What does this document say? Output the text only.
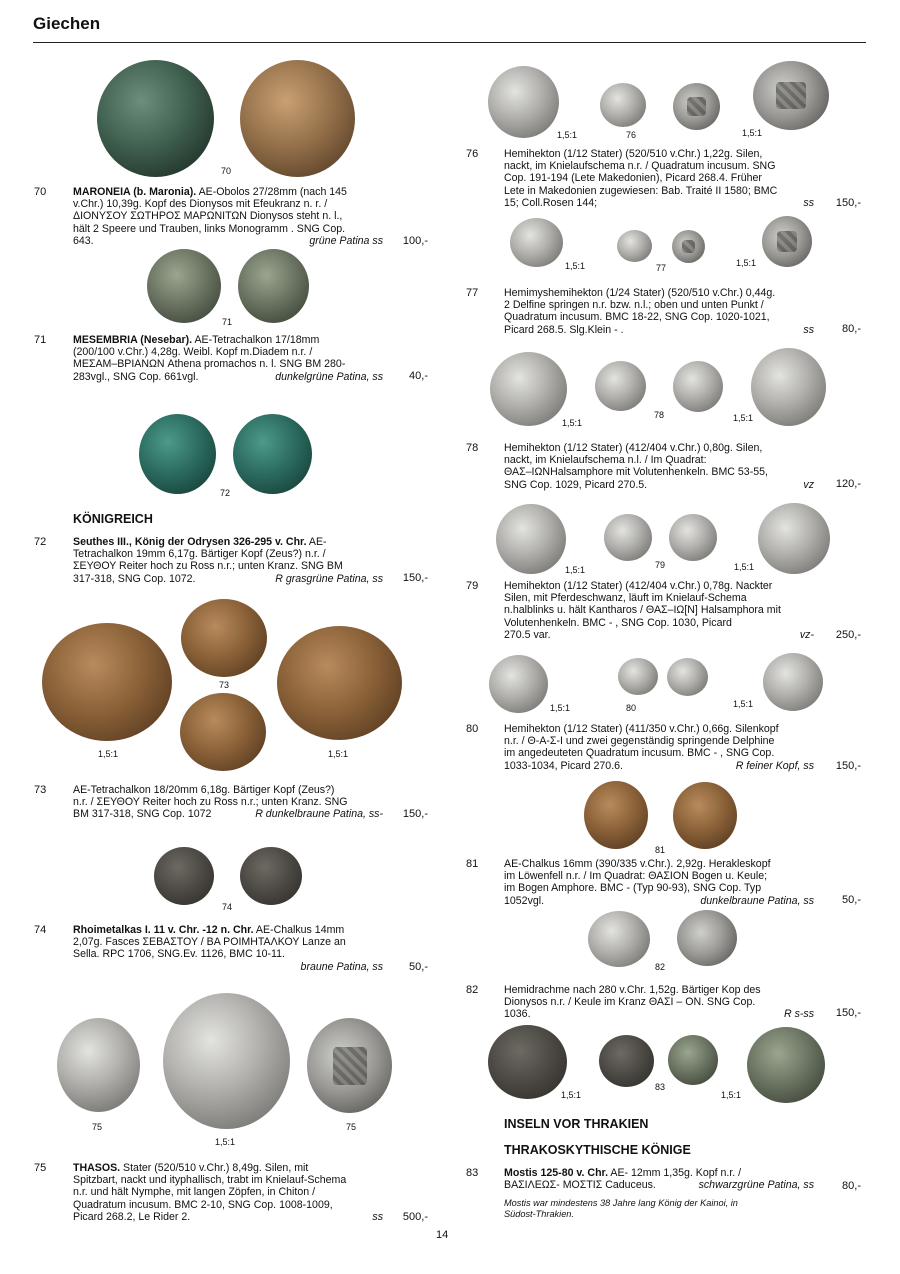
Giechen
70
70	MARONEIA (b. Maronia). AE-Obolos 27/28mm (nach 145
v.Chr.) 10,39g. Kopf des Dionysos mit Efeukranz n. r. /
ΔΙΟΝΥΣΟΥ ΣΩΤΗΡΟΣ ΜΑΡΩΝΙΤΩΝ Dionysos steht n. l.,
hält 2 Speere und Trauben, links Monogramm . SNG Cop.
643.	grüne Patina ss	100,-
71
71	MESEMBRIA (Nesebar). AE-Tetrachalkon 17/18mm
(200/100 v.Chr.) 4,28g. Weibl. Kopf m.Diadem n.r. /
ΜΕΣΑΜ–ΒΡΙΑΝΩΝ Athena promachos n. l. SNG BM 280-
283vgl., SNG Cop. 661vgl.	dunkelgrüne Patina, ss	40,-
72
KÖNIGREICH
72	Seuthes III., König der Odrysen 326-295 v. Chr. AE-
Tetrachalkon 19mm 6,17g. Bärtiger Kopf (Zeus?) n.r. /
ΣΕΥΘΟΥ Reiter hoch zu Ross n.r.; unten Kranz. SNG BM
317-318, SNG Cop. 1072.	R grasgrüne Patina, ss	150,-
73
1,5:1	1,5:1
73	AE-Tetrachalkon 18/20mm 6,18g. Bärtiger Kopf (Zeus?)
n.r. / ΣΕΥΘΟΥ Reiter hoch zu Ross n.r.; unten Kranz. SNG
BM 317-318, SNG Cop. 1072	R dunkelbraune Patina, ss-	150,-
74
74	Rhoimetalkas I. 11 v. Chr. -12 n. Chr. AE-Chalkus 14mm
2,07g. Fasces ΣΕΒΑΣΤΟΥ / ΒΑ ΡΟΙΜΗΤΑΛΚΟΥ Lanze an
Sella. RPC 1706, SNG.Ev. 1126, BMC 10-11.
braune Patina, ss	50,-
75	75
1,5:1
75	THASOS. Stater (520/510 v.Chr.) 8,49g. Silen, mit
Spitzbart, nackt und ityphallisch, trabt im Knielauf-Schema
n.r. und hält Nymphe, mit langen Zöpfen, in Chiton /
Quadratum incusum. BMC 2-10, SNG Cop. 1008-1009,
Picard 268.2, Le Rider 2.	ss	500,-
1,5:1	76	1,5:1
76 Hemihekton (1/12 Stater) (520/510 v.Chr.) 1,22g. Silen,
nackt, im Knielaufschema n.r. / Quadratum incusum. SNG
Cop. 191-194 (Lete Makedonien), Picard 268.4. Früher
Lete in Makedonien zugewiesen: Bab. Traité II 1580; BMC
15; Coll.Rosen 144;	ss	150,-
1,5:1	77	1,5:1
77 Hemimyshemihekton (1/24 Stater) (520/510 v.Chr.) 0,44g.
2 Delfine springen n.r. bzw. n.l.; oben und unten Punkt /
Quadratum incusum. BMC 18-22, SNG Cop. 1020-1021,
Picard 268.5. Slg.Klein - .	ss	80,-
1,5:1
78	1,5:1
78 Hemihekton (1/12 Stater) (412/404 v.Chr.) 0,80g. Silen,
nackt, im Knielaufschema n.l. / Im Quadrat:
ΘΑΣ–ΙΩΝHalsamphore mit Volutenhenkeln. BMC 53-55,
SNG Cop. 1029, Picard 270.5.	vz	120,-
1,5:1	79	1,5:1
79 Hemihekton (1/12 Stater) (412/404 v.Chr.) 0,78g. Nackter
Silen, mit Pferdeschwanz, läuft im Knielauf-Schema
n.halblinks u. hält Kantharos / ΘΑΣ–ΙΩ[N] Halsamphora mit
Volutenhenkeln. BMC - , SNG Cop. 1030, Picard
270.5 var.	vz-	250,-
1,5:1	80	1,5:1
80 Hemihekton (1/12 Stater) (411/350 v.Chr.) 0,66g. Silenkopf
n.r. / Θ-Α-Σ-Ι und zwei gegenständig springende Delphine
im angedeuteten Quadratum incusum. BMC - , SNG Cop.
1033-1034, Picard 270.6.	R feiner Kopf, ss	150,-
81
81 AE-Chalkus 16mm (390/335 v.Chr.). 2,92g. Herakleskopf
im Löwenfell n.r. / Im Quadrat: ΘΑΣΙΟΝ Bogen u. Keule;
im Bogen Amphore. BMC - (Typ 90-93), SNG Cop. Typ
1052vgl.	dunkelbraune Patina, ss	50,-
82
82 Hemidrachme nach 280 v.Chr. 1,52g. Bärtiger Kop des
Dionysos n.r. / Keule im Kranz ΘΑΣΙ – ΟΝ. SNG Cop.
1036.	R s-ss	150,-
1,5:1
83
1,5:1
INSELN VOR THRAKIEN
THRAKOSKYTHISCHE KÖNIGE
83 Mostis 125-80 v. Chr. AE- 12mm 1,35g. Kopf n.r. /
ΒΑΣΙΛΕΩΣ- ΜΟΣΤΙΣ Caduceus.	schwarzgrüne Patina, ss	80,-
Mostis war mindestens 38 Jahre lang König der Kainoi, in
Südost-Thrakien.
14
